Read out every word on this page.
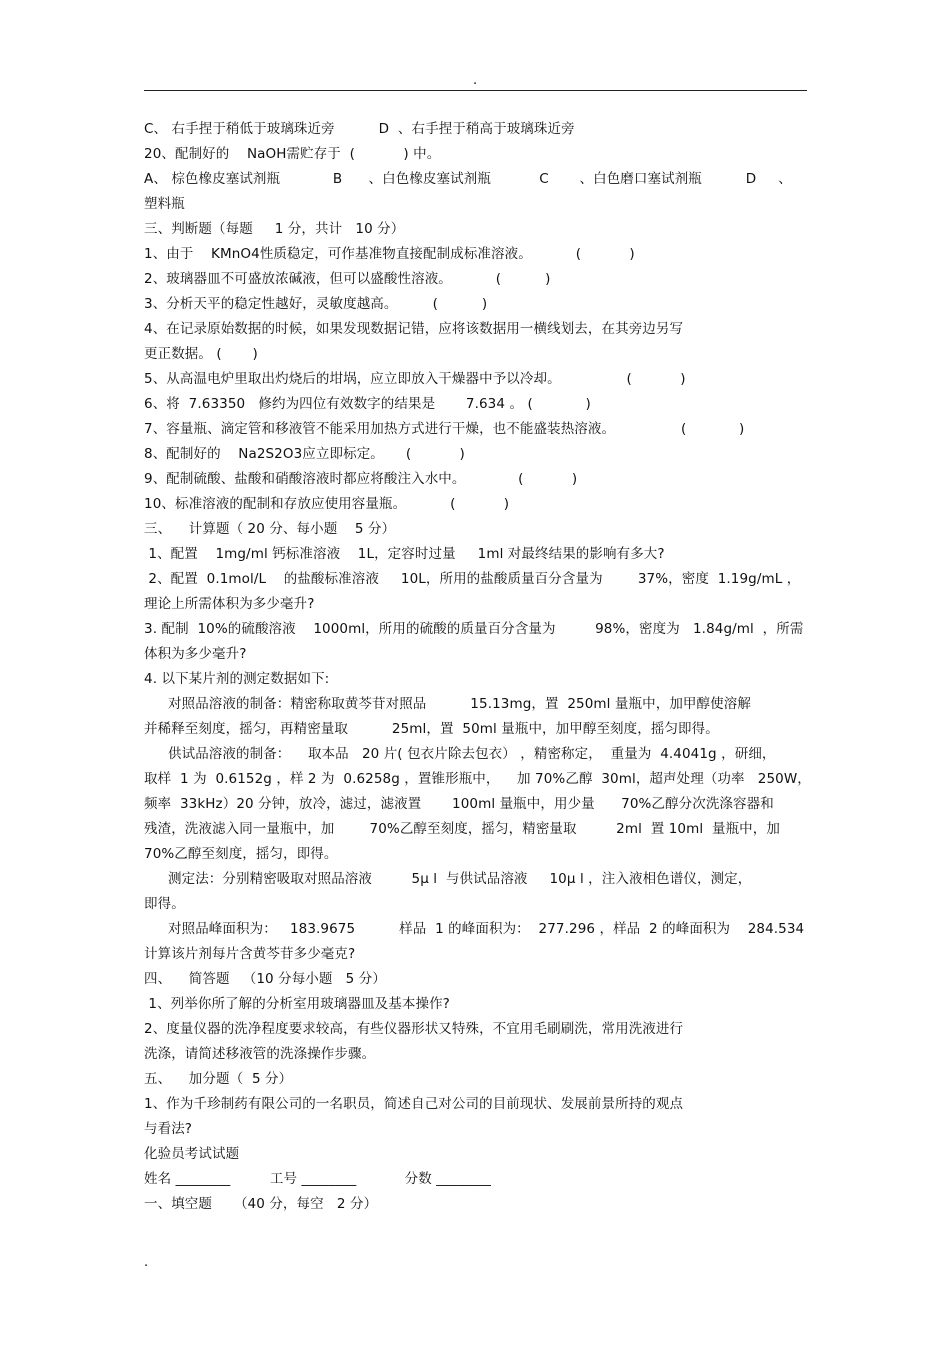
.
C、 右手捏于稍低于玻璃珠近旁          D  、右手捏于稍高于玻璃珠近旁
20、配制好的    NaOH需贮存于  (           ) 中。
A、 棕色橡皮塞试剂瓶            B      、白色橡皮塞试剂瓶           C       、白色磨口塞试剂瓶          D     、
塑料瓶
三、判断题（每题     1 分，共计   10 分）
1、由于    KMnO4性质稳定，可作基准物直接配制成标准溶液。          (           )
2、玻璃器皿不可盛放浓碱液，但可以盛酸性溶液。          (          )
3、分析天平的稳定性越好，灵敏度越高。        (          )
4、在记录原始数据的时候，如果发现数据记错，应将该数据用一横线划去，在其旁边另写
更正数据。 (       )
5、从高温电炉里取出灼烧后的坩埚，应立即放入干燥器中予以冷却。               (           )
6、将  7.63350   修约为四位有效数字的结果是       7.634 。 (            )
7、容量瓶、滴定管和移液管不能采用加热方式进行干燥，也不能盛装热溶液。               (            )
8、配制好的    Na2S2O3应立即标定。     (           )
9、配制硫酸、盐酸和硝酸溶液时都应将酸注入水中。            (           )
10、标准溶液的配制和存放应使用容量瓶。          (           )
三、    计算题（ 20 分、每小题    5 分）
1、配置    1mg/ml 钙标准溶液    1L，定容时过量     1ml 对最终结果的影响有多大?
2、配置  0.1mol/L    的盐酸标准溶液     10L，所用的盐酸质量百分含量为        37%，密度  1.19g/mL ，
理论上所需体积为多少毫升?
3. 配制  10%的硫酸溶液    1000ml，所用的硫酸的质量百分含量为         98%，密度为   1.84g/ml  ，所需
体积为多少毫升?
4. 以下某片剂的测定数据如下:
对照品溶液的制备：精密称取黄芩苷对照品          15.13mg，置  250ml 量瓶中，加甲醇使溶解
并稀释至刻度，摇匀，再精密量取          25ml，置  50ml 量瓶中，加甲醇至刻度，摇匀即得。
供试品溶液的制备：    取本品   20 片( 包衣片除去包衣） ，精密称定，  重量为  4.4041g ，研细，
取样  1 为  0.6152g ，样 2 为  0.6258g ，置锥形瓶中，    加 70%乙醇  30ml，超声处理（功率   250W，
频率  33kHz）20 分钟，放冷，滤过，滤液置       100ml 量瓶中，用少量      70%乙醇分次洗涤容器和
残渣，洗液滤入同一量瓶中，加        70%乙醇至刻度，摇匀，精密量取         2ml  置 10ml  量瓶中，加
70%乙醇至刻度，摇匀，即得。
测定法：分别精密吸取对照品溶液         5μ l  与供试品溶液     10μ l ，注入液相色谱仪，测定，
即得。
对照品峰面积为：   183.9675          样品  1 的峰面积为：  277.296 ，样品  2 的峰面积为    284.534
计算该片剂每片含黄芩苷多少毫克?
四、    简答题   （10 分每小题   5 分）
1、列举你所了解的分析室用玻璃器皿及基本操作?
2、度量仪器的洗净程度要求较高，有些仪器形状又特殊，不宜用毛刷刷洗，常用洗液进行
洗涤，请简述移液管的洗涤操作步骤。
五、    加分题（  5 分）
1、作为千珍制药有限公司的一名职员，简述自己对公司的目前现状、发展前景所持的观点
与看法?
化验员考试试题
姓名 ________         工号 ________           分数 ________
一、填空题     （40 分，每空   2 分）
.
